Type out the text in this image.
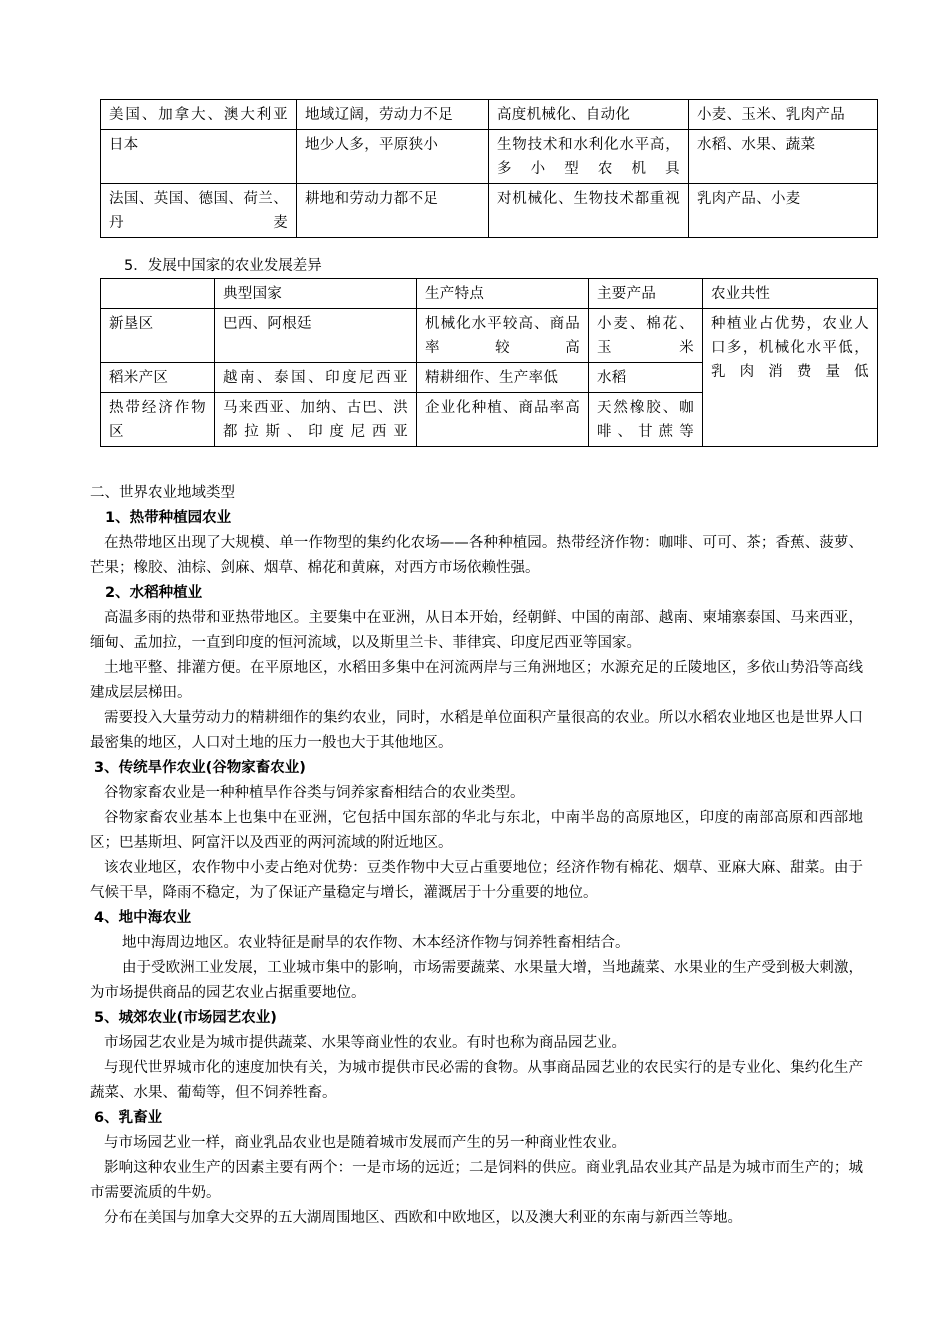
美国、加拿大、澳大利亚	地域辽阔，劳动力不足	高度机械化、自动化	小麦、玉米、乳肉产品
日本	地少人多，平原狭小	生物技术和水利化水平高，多小型农机具	水稻、水果、蔬菜
法国、英国、德国、荷兰、丹麦	耕地和劳动力都不足	对机械化、生物技术都重视	乳肉产品、小麦
5．发展中国家的农业发展差异
	典型国家	生产特点	主要产品	农业共性
新垦区	巴西、阿根廷	机械化水平较高、商品率较高	小麦、棉花、玉米	种植业占优势，农业人口多，机械化水平低，乳肉消费量低
稻米产区	越南、泰国、印度尼西亚	精耕细作、生产率低	水稻	
热带经济作物区	马来西亚、加纳、古巴、洪都拉斯、印度尼西亚	企业化种植、商品率高	天然橡胶、咖啡、甘蔗等	

二、世界农业地域类型

1、热带种植园农业

在热带地区出现了大规模、单一作物型的集约化农场——各种种植园。热带经济作物：咖啡、可可、茶；香蕉、菠萝、芒果；橡胶、油棕、剑麻、烟草、棉花和黄麻，对西方市场依赖性强。

2、水稻种植业

高温多雨的热带和亚热带地区。主要集中在亚洲，从日本开始，经朝鲜、中国的南部、越南、柬埔寨泰国、马来西亚，缅甸、孟加拉，一直到印度的恒河流域，以及斯里兰卡、菲律宾、印度尼西亚等国家。

土地平整、排灌方便。在平原地区，水稻田多集中在河流两岸与三角洲地区；水源充足的丘陵地区，多依山势沿等高线建成层层梯田。

需要投入大量劳动力的精耕细作的集约农业，同时，水稻是单位面积产量很高的农业。所以水稻农业地区也是世界人口最密集的地区，人口对土地的压力一般也大于其他地区。

3、传统旱作农业(谷物家畜农业)

谷物家畜农业是一种种植旱作谷类与饲养家畜相结合的农业类型。

谷物家畜农业基本上也集中在亚洲，它包括中国东部的华北与东北，中南半岛的高原地区，印度的南部高原和西部地区；巴基斯坦、阿富汗以及西亚的两河流域的附近地区。

该农业地区，农作物中小麦占绝对优势：豆类作物中大豆占重要地位；经济作物有棉花、烟草、亚麻大麻、甜菜。由于气候干旱，降雨不稳定，为了保证产量稳定与增长，灌溉居于十分重要的地位。

4、地中海农业

地中海周边地区。农业特征是耐旱的农作物、木本经济作物与饲养牲畜相结合。

由于受欧洲工业发展，工业城市集中的影响，市场需要蔬菜、水果量大增，当地蔬菜、水果业的生产受到极大刺激，为市场提供商品的园艺农业占据重要地位。

5、城郊农业(市场园艺农业)

市场园艺农业是为城市提供蔬菜、水果等商业性的农业。有时也称为商品园艺业。

与现代世界城市化的速度加快有关，为城市提供市民必需的食物。从事商品园艺业的农民实行的是专业化、集约化生产蔬菜、水果、葡萄等，但不饲养牲畜。

6、乳畜业

与市场园艺业一样，商业乳品农业也是随着城市发展而产生的另一种商业性农业。

影响这种农业生产的因素主要有两个：一是市场的远近；二是饲料的供应。商业乳品农业其产品是为城市而生产的；城市需要流质的牛奶。

分布在美国与加拿大交界的五大湖周围地区、西欧和中欧地区，以及澳大利亚的东南与新西兰等地。
